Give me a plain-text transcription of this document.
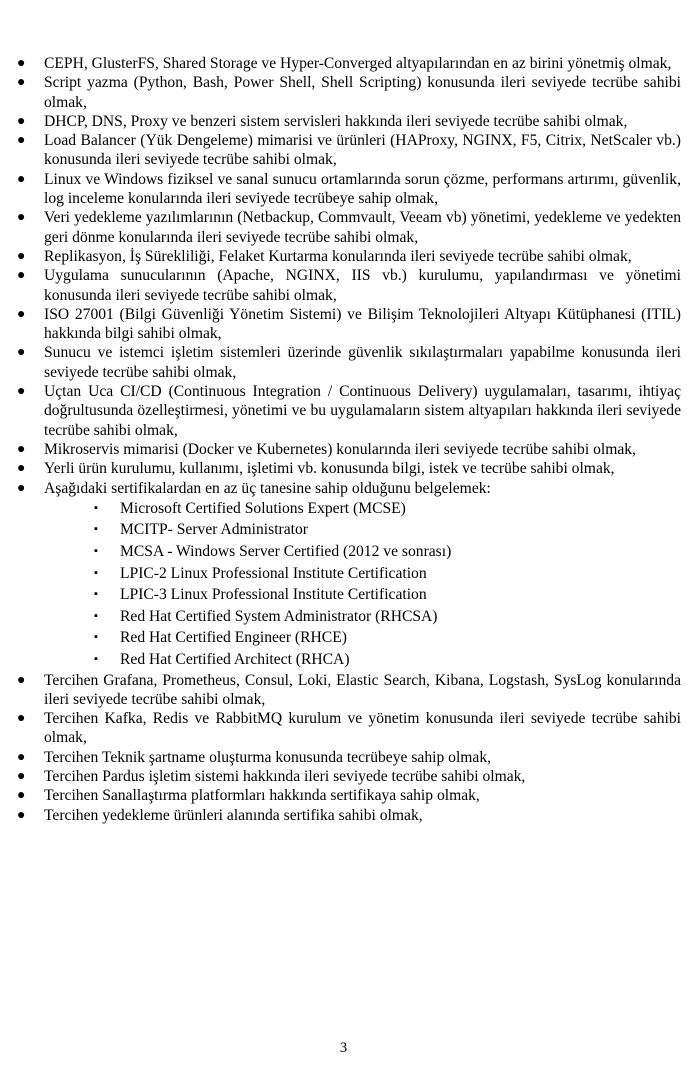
● CEPH, GlusterFS, Shared Storage ve Hyper-Converged altyapılarından en az birini yönetmiş olmak,
● Script yazma (Python, Bash, Power Shell, Shell Scripting) konusunda ileri seviyede tecrübe sahibi olmak,
● DHCP, DNS, Proxy ve benzeri sistem servisleri hakkında ileri seviyede tecrübe sahibi olmak,
● Load Balancer (Yük Dengeleme) mimarisi ve ürünleri (HAProxy, NGINX, F5, Citrix, NetScaler vb.) konusunda ileri seviyede tecrübe sahibi olmak,
● Linux ve Windows fiziksel ve sanal sunucu ortamlarında sorun çözme, performans artırımı, güvenlik, log inceleme konularında ileri seviyede tecrübeye sahip olmak,
● Veri yedekleme yazılımlarının (Netbackup, Commvault, Veeam vb) yönetimi, yedekleme ve yedekten geri dönme konularında ileri seviyede tecrübe sahibi olmak,
● Replikasyon, İş Sürekliliği, Felaket Kurtarma konularında ileri seviyede tecrübe sahibi olmak,
● Uygulama sunucularının (Apache, NGINX, IIS vb.) kurulumu, yapılandırması ve yönetimi konusunda ileri seviyede tecrübe sahibi olmak,
● ISO 27001 (Bilgi Güvenliği Yönetim Sistemi) ve Bilişim Teknolojileri Altyapı Kütüphanesi (ITIL) hakkında bilgi sahibi olmak,
● Sunucu ve istemci işletim sistemleri üzerinde güvenlik sıkılaştırmaları yapabilme konusunda ileri seviyede tecrübe sahibi olmak,
● Uçtan Uca CI/CD (Continuous Integration / Continuous Delivery) uygulamaları, tasarımı, ihtiyaç doğrultusunda özelleştirmesi, yönetimi ve bu uygulamaların sistem altyapıları hakkında ileri seviyede tecrübe sahibi olmak,
● Mikroservis mimarisi (Docker ve Kubernetes) konularında ileri seviyede tecrübe sahibi olmak,
● Yerli ürün kurulumu, kullanımı, işletimi vb. konusunda bilgi, istek ve tecrübe sahibi olmak,
● Aşağıdaki sertifikalardan en az üç tanesine sahip olduğunu belgelemek:
▪ Microsoft Certified Solutions Expert (MCSE)
▪ MCITP- Server Administrator
▪ MCSA - Windows Server Certified (2012 ve sonrası)
▪ LPIC-2 Linux Professional Institute Certification
▪ LPIC-3 Linux Professional Institute Certification
▪ Red Hat Certified System Administrator (RHCSA)
▪ Red Hat Certified Engineer (RHCE)
▪ Red Hat Certified Architect (RHCA)
● Tercihen Grafana, Prometheus, Consul, Loki, Elastic Search, Kibana, Logstash, SysLog konularında ileri seviyede tecrübe sahibi olmak,
● Tercihen Kafka, Redis ve RabbitMQ kurulum ve yönetim konusunda ileri seviyede tecrübe sahibi olmak,
● Tercihen Teknik şartname oluşturma konusunda tecrübeye sahip olmak,
● Tercihen Pardus işletim sistemi hakkında ileri seviyede tecrübe sahibi olmak,
● Tercihen Sanallaştırma platformları hakkında sertifikaya sahip olmak,
● Tercihen yedekleme ürünleri alanında sertifika sahibi olmak,
3
